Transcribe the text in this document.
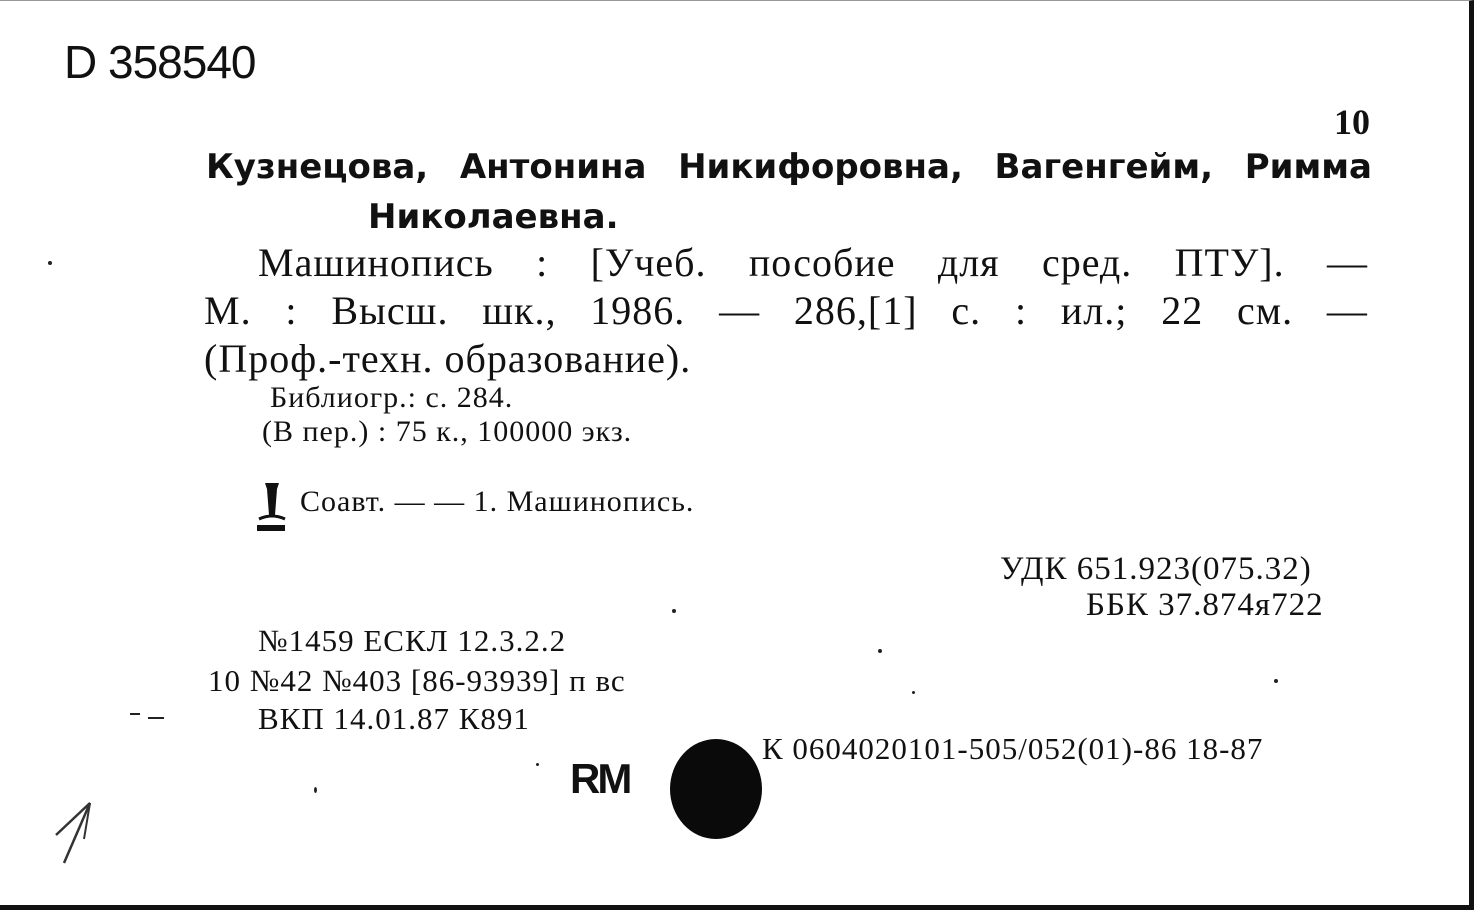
D 358540
10
Кузнецова, Антонина Никифоровна, Вагенгейм, Римма
Николаевна.
Машинопись : [Учеб. пособие для сред. ПТУ]. —
М. : Высш. шк., 1986. — 286,[1] с. : ил.; 22 см. —
(Проф.-техн. образование).
Библиогр.: с. 284.
(В пер.) : 75 к., 100000 экз.
Соавт. — — 1. Машинопись.
УДК 651.923(075.32)
ББК 37.874я722
№1459 ЕСКЛ 12.3.2.2
10 №42 №403 [86-93939] п вс
ВКП 14.01.87 К891
К 0604020101-505/052(01)-86 18-87
RM
